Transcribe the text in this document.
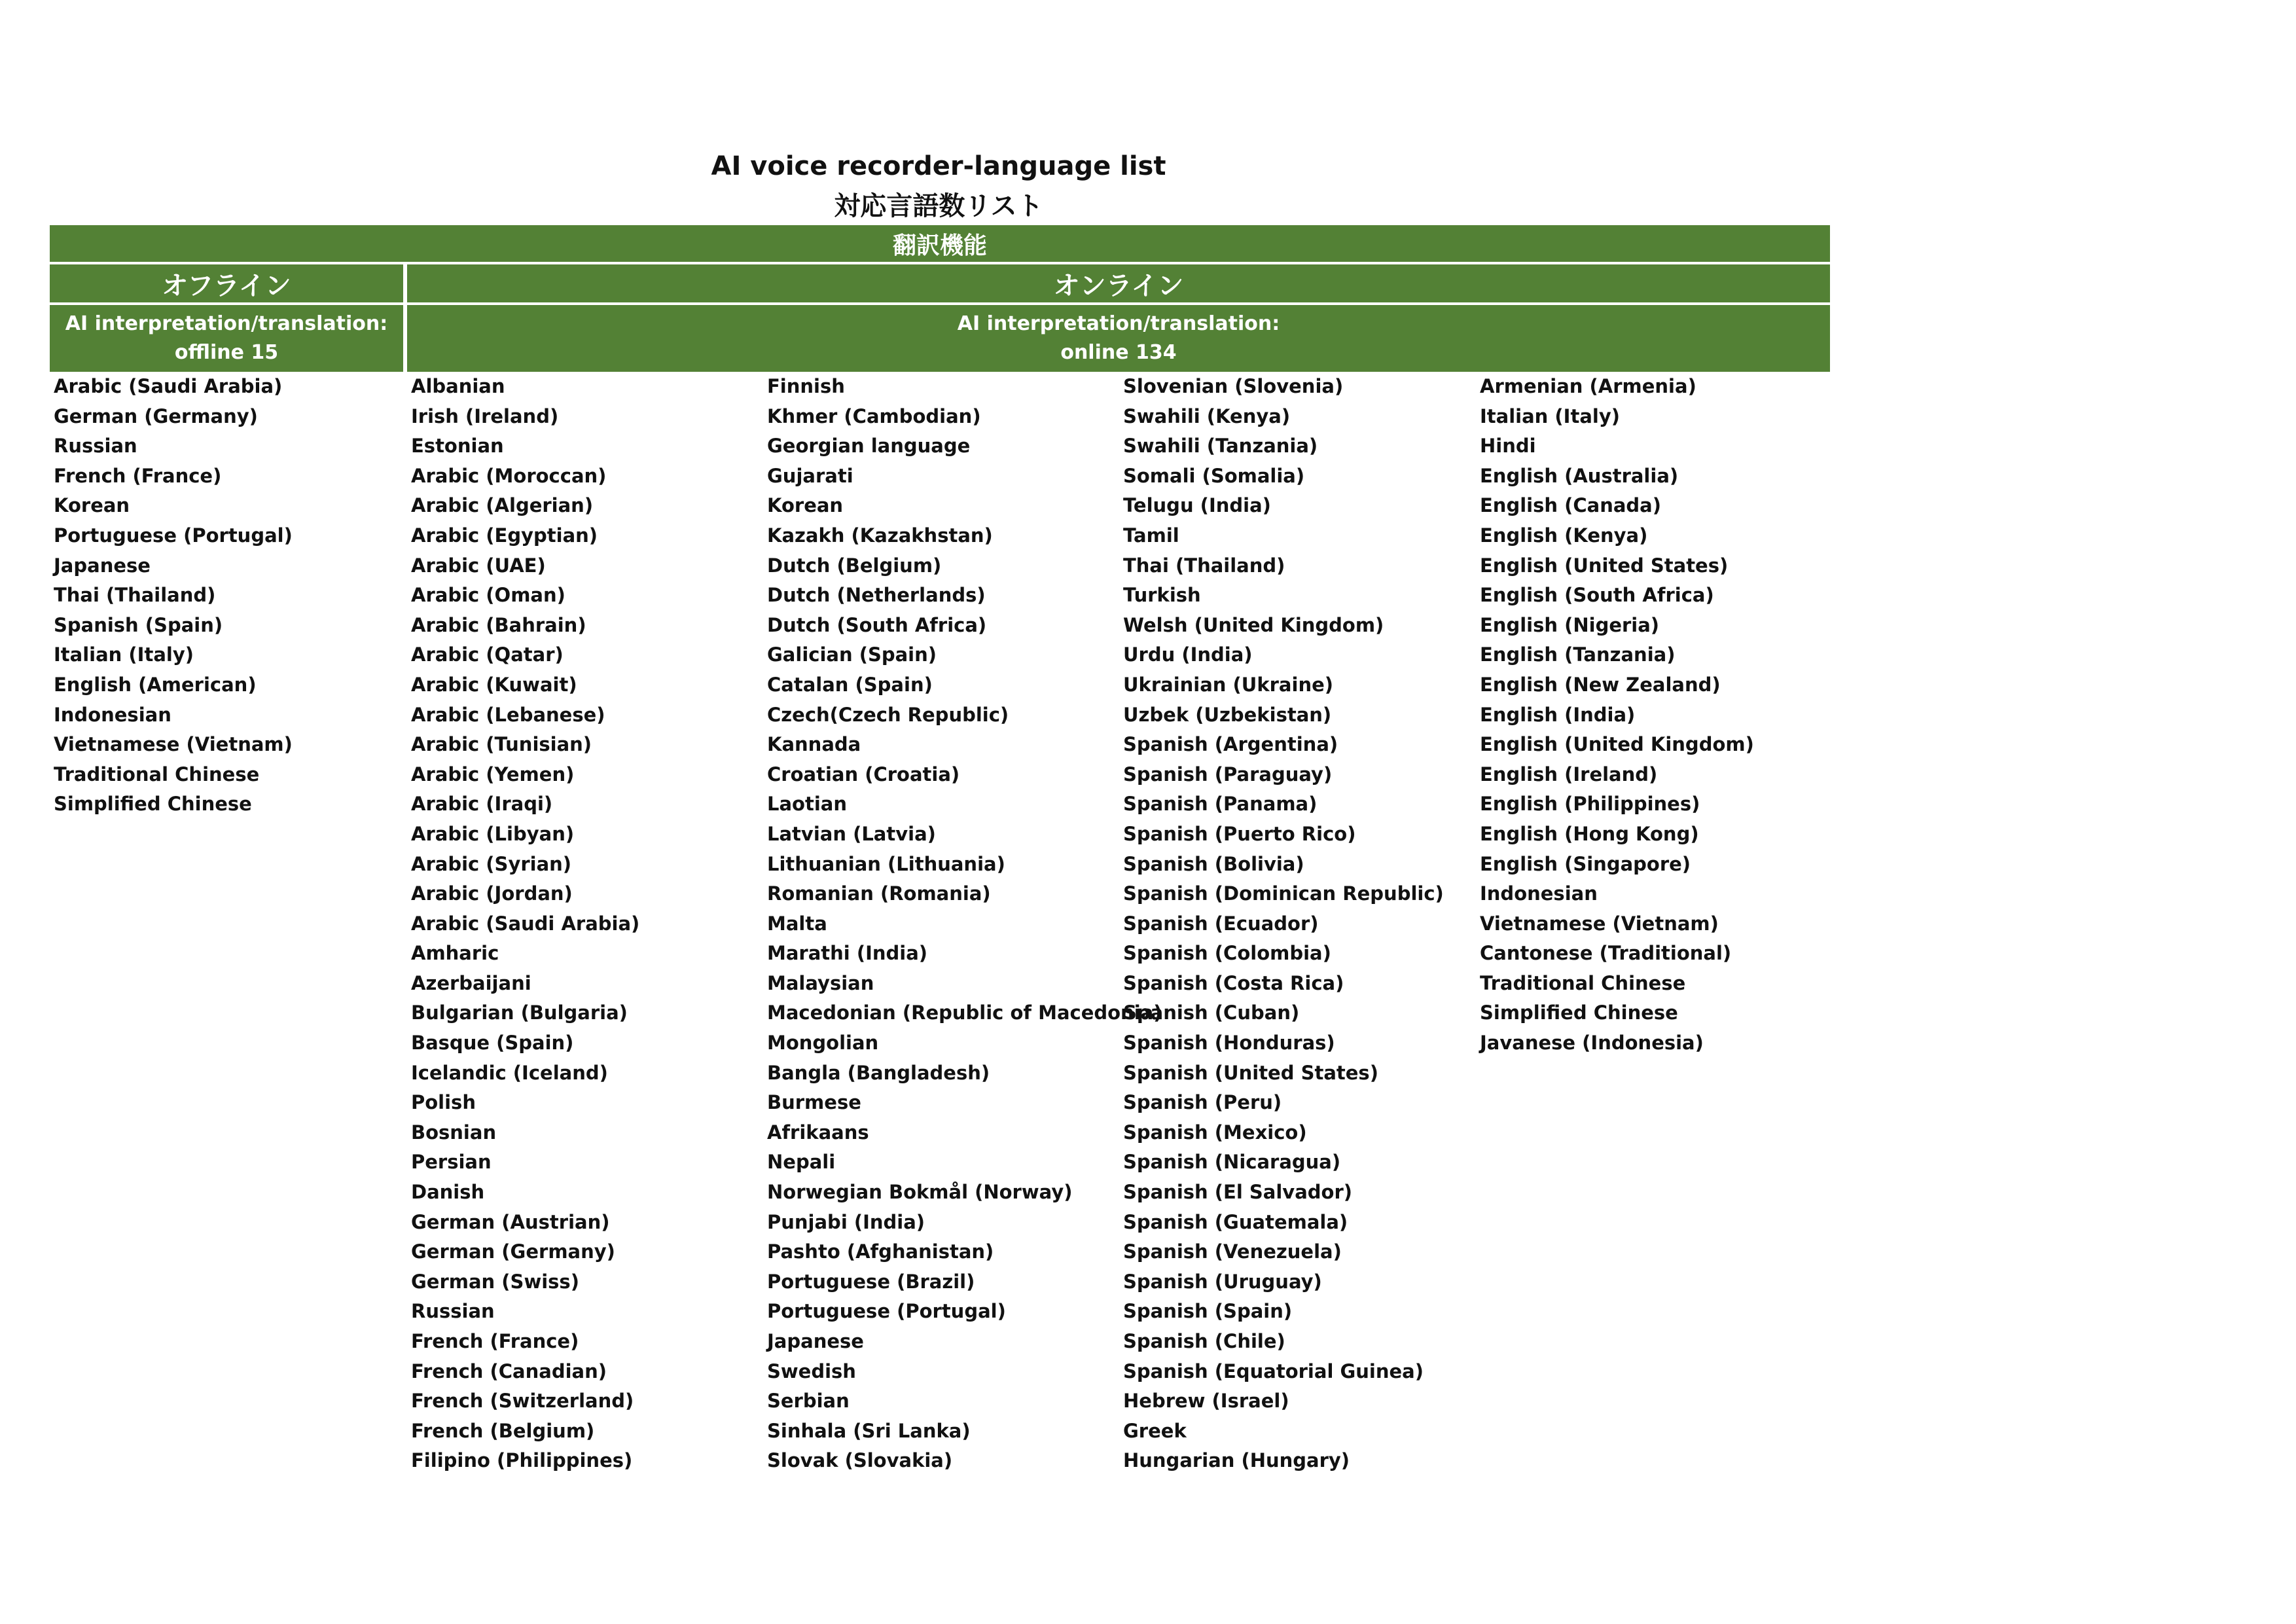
AI voice recorder-language list
対応言語数リスト
翻訳機能
オフライン	オンライン
AI interpretation/translation:
offline 15
AI interpretation/translation:
online 134
Arabic (Saudi Arabia)
German (Germany)
Russian
French (France)
Korean
Portuguese (Portugal)
Japanese
Thai (Thailand)
Spanish (Spain)
Italian (Italy)
English (American)
Indonesian
Vietnamese (Vietnam)
Traditional Chinese
Simplified Chinese
Albanian
Irish (Ireland)
Estonian
Arabic (Moroccan)
Arabic (Algerian)
Arabic (Egyptian)
Arabic (UAE)
Arabic (Oman)
Arabic (Bahrain)
Arabic (Qatar)
Arabic (Kuwait)
Arabic (Lebanese)
Arabic (Tunisian)
Arabic (Yemen)
Arabic (Iraqi)
Arabic (Libyan)
Arabic (Syrian)
Arabic (Jordan)
Arabic (Saudi Arabia)
Amharic
Azerbaijani
Bulgarian (Bulgaria)
Basque (Spain)
Icelandic (Iceland)
Polish
Bosnian
Persian
Danish
German (Austrian)
German (Germany)
German (Swiss)
Russian
French (France)
French (Canadian)
French (Switzerland)
French (Belgium)
Filipino (Philippines)
Finnish
Khmer (Cambodian)
Georgian language
Gujarati
Korean
Kazakh (Kazakhstan)
Dutch (Belgium)
Dutch (Netherlands)
Dutch (South Africa)
Galician (Spain)
Catalan (Spain)
Czech(Czech Republic)
Kannada
Croatian (Croatia)
Laotian
Latvian (Latvia)
Lithuanian (Lithuania)
Romanian (Romania)
Malta
Marathi (India)
Malaysian
Macedonian (Republic of Macedonia)
Mongolian
Bangla (Bangladesh)
Burmese
Afrikaans
Nepali
Norwegian Bokmål (Norway)
Punjabi (India)
Pashto (Afghanistan)
Portuguese (Brazil)
Portuguese (Portugal)
Japanese
Swedish
Serbian
Sinhala (Sri Lanka)
Slovak (Slovakia)
Slovenian (Slovenia)
Swahili (Kenya)
Swahili (Tanzania)
Somali (Somalia)
Telugu (India)
Tamil
Thai (Thailand)
Turkish
Welsh (United Kingdom)
Urdu (India)
Ukrainian (Ukraine)
Uzbek (Uzbekistan)
Spanish (Argentina)
Spanish (Paraguay)
Spanish (Panama)
Spanish (Puerto Rico)
Spanish (Bolivia)
Spanish (Dominican Republic)
Spanish (Ecuador)
Spanish (Colombia)
Spanish (Costa Rica)
Spanish (Cuban)
Spanish (Honduras)
Spanish (United States)
Spanish (Peru)
Spanish (Mexico)
Spanish (Nicaragua)
Spanish (El Salvador)
Spanish (Guatemala)
Spanish (Venezuela)
Spanish (Uruguay)
Spanish (Spain)
Spanish (Chile)
Spanish (Equatorial Guinea)
Hebrew (Israel)
Greek
Hungarian (Hungary)
Armenian (Armenia)
Italian (Italy)
Hindi
English (Australia)
English (Canada)
English (Kenya)
English (United States)
English (South Africa)
English (Nigeria)
English (Tanzania)
English (New Zealand)
English (India)
English (United Kingdom)
English (Ireland)
English (Philippines)
English (Hong Kong)
English (Singapore)
Indonesian
Vietnamese (Vietnam)
Cantonese (Traditional)
Traditional Chinese
Simplified Chinese
Javanese (Indonesia)
